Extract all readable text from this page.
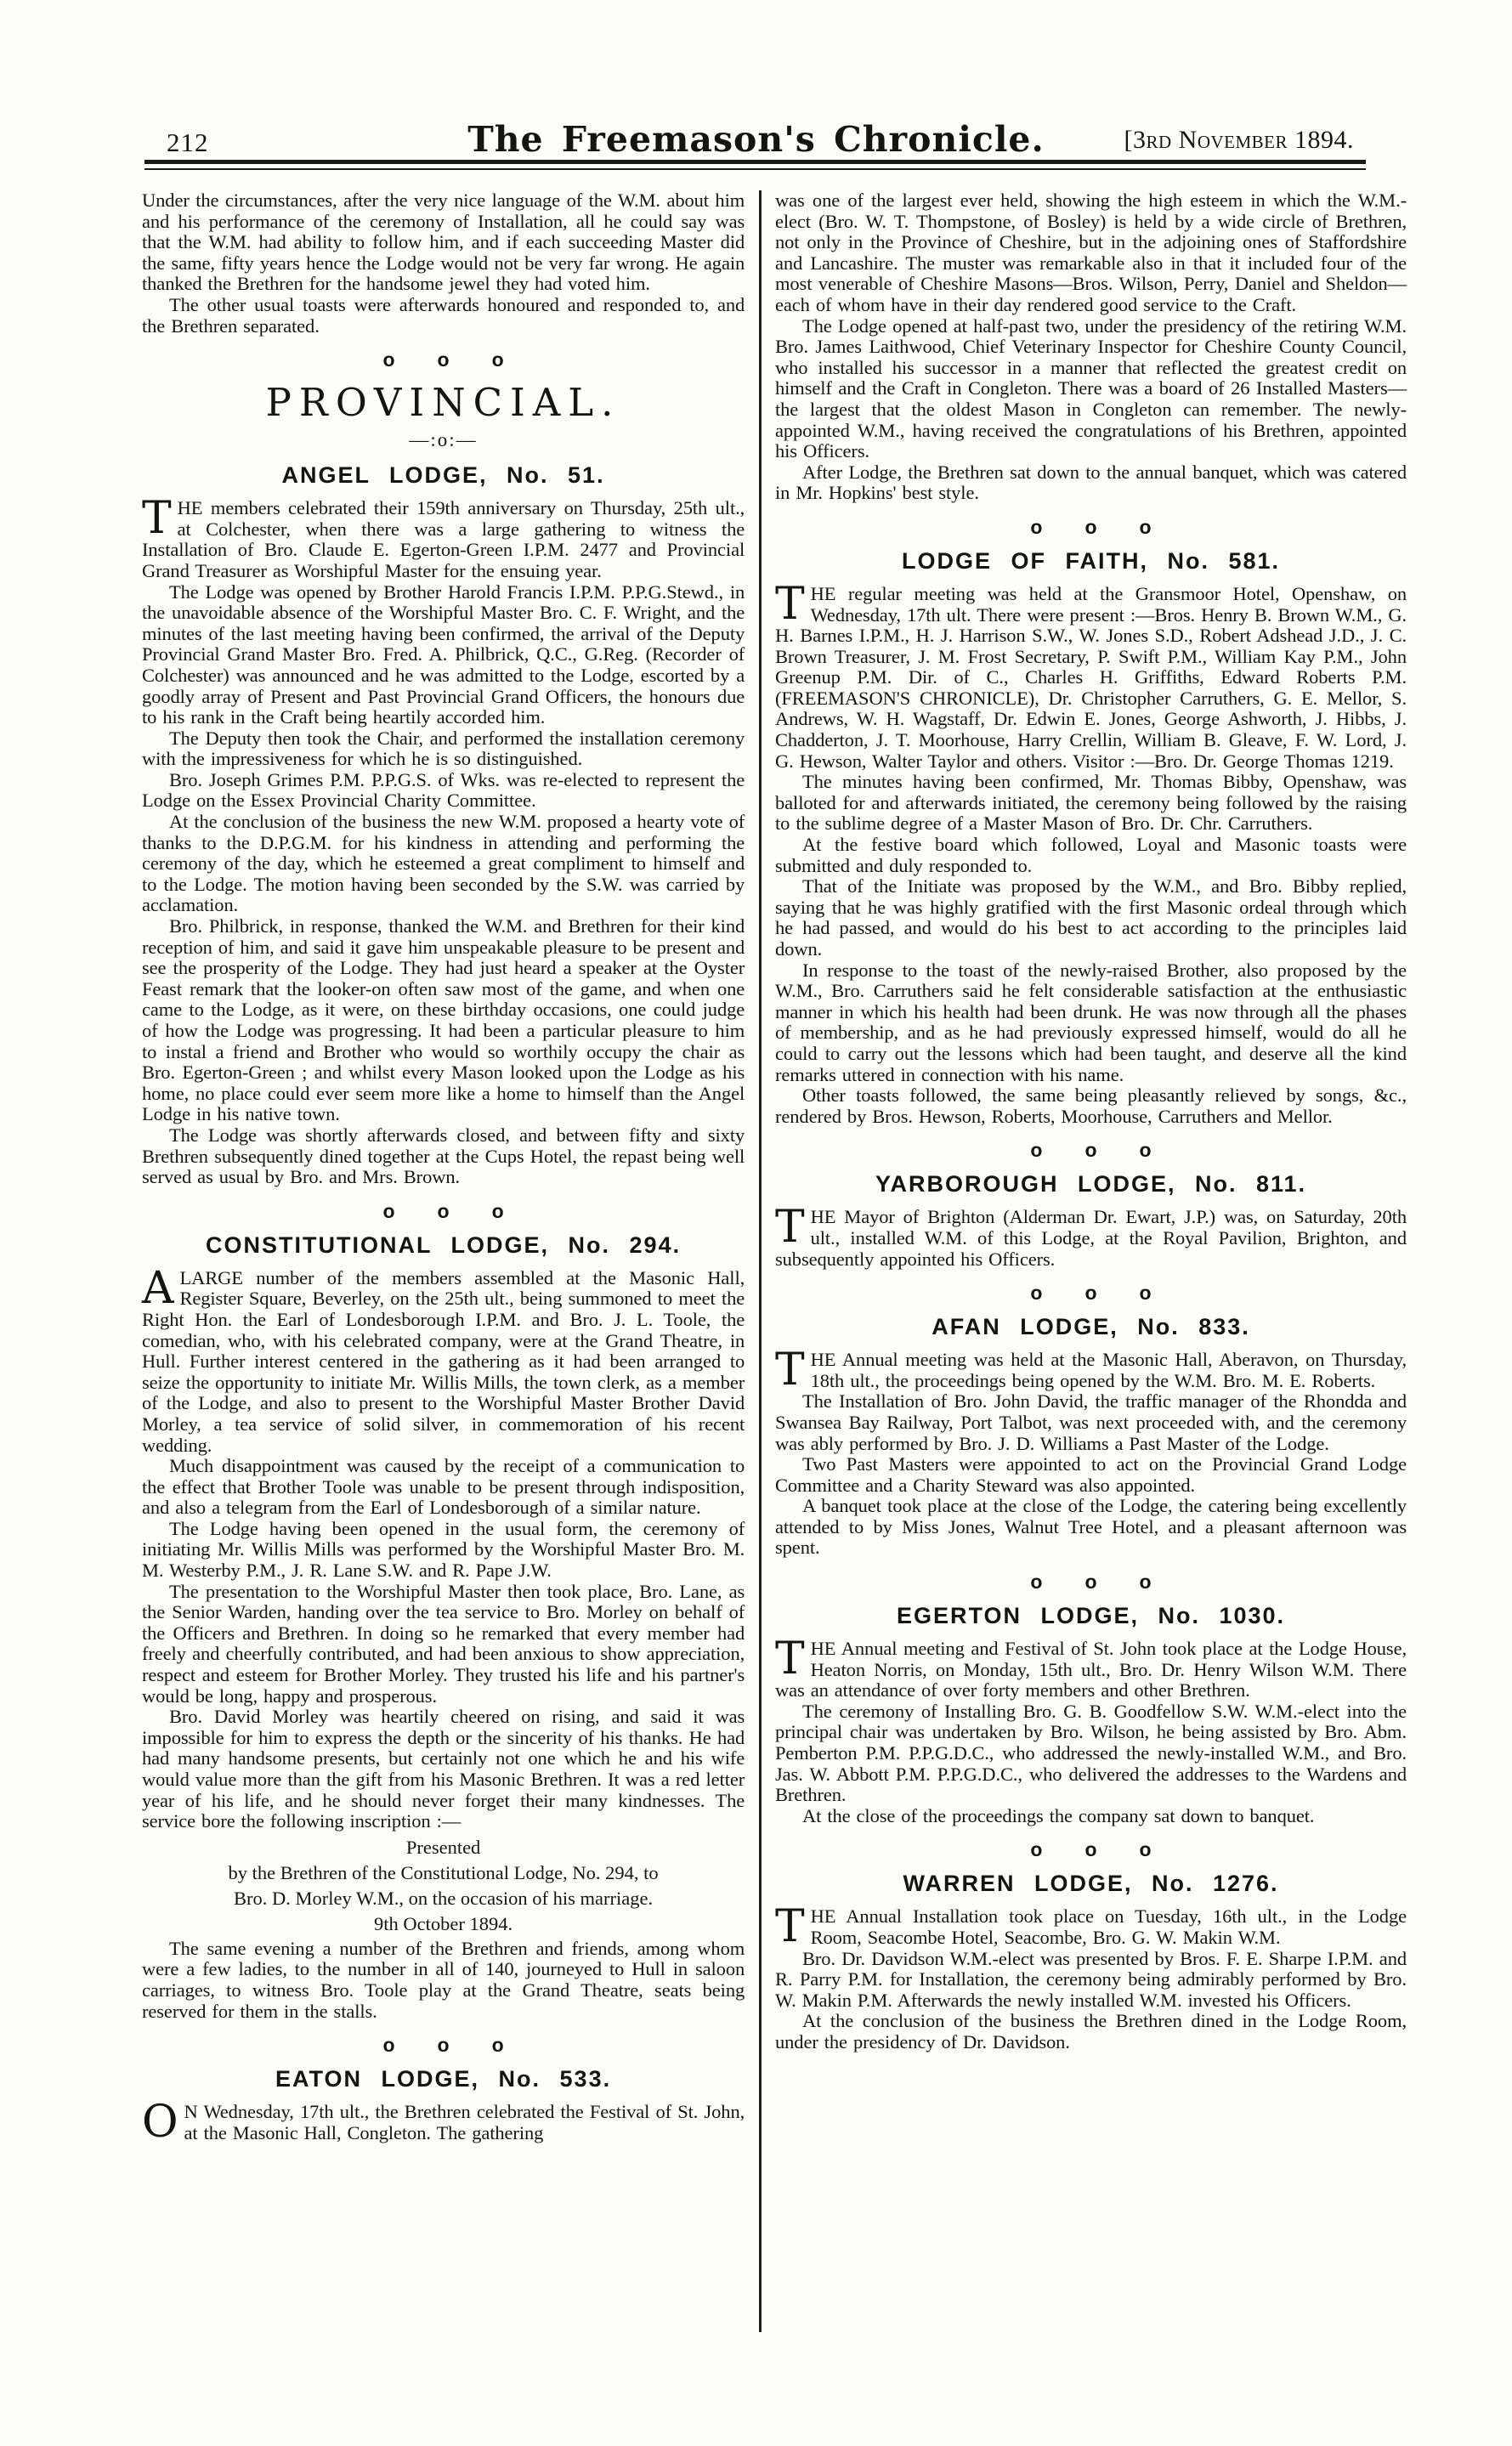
212	The Freemason's Chronicle.	[3rd November 1894.
Under the circumstances, after the very nice language of the W.M. about him and his performance of the ceremony of Installation, all he could say was that the W.M. had ability to follow him, and if each succeeding Master did the same, fifty years hence the Lodge would not be very far wrong. He again thanked the Brethren for the handsome jewel they had voted him.
The other usual toasts were afterwards honoured and responded to, and the Brethren separated.
o o o
PROVINCIAL.
—:o:—
ANGEL LODGE, No. 51.
THE members celebrated their 159th anniversary on Thursday, 25th ult., at Colchester, when there was a large gathering to witness the Installation of Bro. Claude E. Egerton-Green I.P.M. 2477 and Provincial Grand Treasurer as Worshipful Master for the ensuing year.
The Lodge was opened by Brother Harold Francis I.P.M. P.P.G.Stewd., in the unavoidable absence of the Worshipful Master Bro. C. F. Wright, and the minutes of the last meeting having been confirmed, the arrival of the Deputy Provincial Grand Master Bro. Fred. A. Philbrick, Q.C., G.Reg. (Recorder of Colchester) was announced and he was admitted to the Lodge, escorted by a goodly array of Present and Past Provincial Grand Officers, the honours due to his rank in the Craft being heartily accorded him.
The Deputy then took the Chair, and performed the installation ceremony with the impressiveness for which he is so distinguished.
Bro. Joseph Grimes P.M. P.P.G.S. of Wks. was re-elected to represent the Lodge on the Essex Provincial Charity Committee.
At the conclusion of the business the new W.M. proposed a hearty vote of thanks to the D.P.G.M. for his kindness in attending and performing the ceremony of the day, which he esteemed a great compliment to himself and to the Lodge. The motion having been seconded by the S.W. was carried by acclamation.
Bro. Philbrick, in response, thanked the W.M. and Brethren for their kind reception of him, and said it gave him unspeakable pleasure to be present and see the prosperity of the Lodge. They had just heard a speaker at the Oyster Feast remark that the looker-on often saw most of the game, and when one came to the Lodge, as it were, on these birthday occasions, one could judge of how the Lodge was progressing. It had been a particular pleasure to him to instal a friend and Brother who would so worthily occupy the chair as Bro. Egerton-Green ; and whilst every Mason looked upon the Lodge as his home, no place could ever seem more like a home to himself than the Angel Lodge in his native town.
The Lodge was shortly afterwards closed, and between fifty and sixty Brethren subsequently dined together at the Cups Hotel, the repast being well served as usual by Bro. and Mrs. Brown.
o o o
CONSTITUTIONAL LODGE, No. 294.
ALARGE number of the members assembled at the Masonic Hall, Register Square, Beverley, on the 25th ult., being summoned to meet the Right Hon. the Earl of Londesborough I.P.M. and Bro. J. L. Toole, the comedian, who, with his celebrated company, were at the Grand Theatre, in Hull. Further interest centered in the gathering as it had been arranged to seize the opportunity to initiate Mr. Willis Mills, the town clerk, as a member of the Lodge, and also to present to the Worshipful Master Brother David Morley, a tea service of solid silver, in commemoration of his recent wedding.
Much disappointment was caused by the receipt of a communication to the effect that Brother Toole was unable to be present through indisposition, and also a telegram from the Earl of Londesborough of a similar nature.
The Lodge having been opened in the usual form, the ceremony of initiating Mr. Willis Mills was performed by the Worshipful Master Bro. M. M. Westerby P.M., J. R. Lane S.W. and R. Pape J.W.
The presentation to the Worshipful Master then took place, Bro. Lane, as the Senior Warden, handing over the tea service to Bro. Morley on behalf of the Officers and Brethren. In doing so he remarked that every member had freely and cheerfully contributed, and had been anxious to show appreciation, respect and esteem for Brother Morley. They trusted his life and his partner's would be long, happy and prosperous.
Bro. David Morley was heartily cheered on rising, and said it was impossible for him to express the depth or the sincerity of his thanks. He had had many handsome presents, but certainly not one which he and his wife would value more than the gift from his Masonic Brethren. It was a red letter year of his life, and he should never forget their many kindnesses. The service bore the following inscription :—
Presented
by the Brethren of the Constitutional Lodge, No. 294, to
Bro. D. Morley W.M., on the occasion of his marriage.
9th October 1894.
The same evening a number of the Brethren and friends, among whom were a few ladies, to the number in all of 140, journeyed to Hull in saloon carriages, to witness Bro. Toole play at the Grand Theatre, seats being reserved for them in the stalls.
o o o
EATON LODGE, No. 533.
O N Wednesday, 17th ult., the Brethren celebrated the Festival of St. John, at the Masonic Hall, Congleton. The gathering
was one of the largest ever held, showing the high esteem in which the W.M.-elect (Bro. W. T. Thompstone, of Bosley) is held by a wide circle of Brethren, not only in the Province of Cheshire, but in the adjoining ones of Staffordshire and Lancashire. The muster was remarkable also in that it included four of the most venerable of Cheshire Masons—Bros. Wilson, Perry, Daniel and Sheldon—each of whom have in their day rendered good service to the Craft.
The Lodge opened at half-past two, under the presidency of the retiring W.M. Bro. James Laithwood, Chief Veterinary Inspector for Cheshire County Council, who installed his successor in a manner that reflected the greatest credit on himself and the Craft in Congleton. There was a board of 26 Installed Masters—the largest that the oldest Mason in Congleton can remember. The newly-appointed W.M., having received the congratulations of his Brethren, appointed his Officers.
After Lodge, the Brethren sat down to the annual banquet, which was catered in Mr. Hopkins' best style.
o o o
LODGE OF FAITH, No. 581.
THE regular meeting was held at the Gransmoor Hotel, Openshaw, on Wednesday, 17th ult. There were present :—Bros. Henry B. Brown W.M., G. H. Barnes I.P.M., H. J. Harrison S.W., W. Jones S.D., Robert Adshead J.D., J. C. Brown Treasurer, J. M. Frost Secretary, P. Swift P.M., William Kay P.M., John Greenup P.M. Dir. of C., Charles H. Griffiths, Edward Roberts P.M. (FREEMASON'S CHRONICLE), Dr. Christopher Carruthers, G. E. Mellor, S. Andrews, W. H. Wagstaff, Dr. Edwin E. Jones, George Ashworth, J. Hibbs, J. Chadderton, J. T. Moorhouse, Harry Crellin, William B. Gleave, F. W. Lord, J. G. Hewson, Walter Taylor and others. Visitor :—Bro. Dr. George Thomas 1219.
The minutes having been confirmed, Mr. Thomas Bibby, Openshaw, was balloted for and afterwards initiated, the ceremony being followed by the raising to the sublime degree of a Master Mason of Bro. Dr. Chr. Carruthers.
At the festive board which followed, Loyal and Masonic toasts were submitted and duly responded to.
That of the Initiate was proposed by the W.M., and Bro. Bibby replied, saying that he was highly gratified with the first Masonic ordeal through which he had passed, and would do his best to act according to the principles laid down.
In response to the toast of the newly-raised Brother, also proposed by the W.M., Bro. Carruthers said he felt considerable satisfaction at the enthusiastic manner in which his health had been drunk. He was now through all the phases of membership, and as he had previously expressed himself, would do all he could to carry out the lessons which had been taught, and deserve all the kind remarks uttered in connection with his name.
Other toasts followed, the same being pleasantly relieved by songs, &c., rendered by Bros. Hewson, Roberts, Moorhouse, Carruthers and Mellor.
o o o
YARBOROUGH LODGE, No. 811.
THE Mayor of Brighton (Alderman Dr. Ewart, J.P.) was, on Saturday, 20th ult., installed W.M. of this Lodge, at the Royal Pavilion, Brighton, and subsequently appointed his Officers.
o o o
AFAN LODGE, No. 833.
THE Annual meeting was held at the Masonic Hall, Aberavon, on Thursday, 18th ult., the proceedings being opened by the W.M. Bro. M. E. Roberts.
The Installation of Bro. John David, the traffic manager of the Rhondda and Swansea Bay Railway, Port Talbot, was next proceeded with, and the ceremony was ably performed by Bro. J. D. Williams a Past Master of the Lodge.
Two Past Masters were appointed to act on the Provincial Grand Lodge Committee and a Charity Steward was also appointed.
A banquet took place at the close of the Lodge, the catering being excellently attended to by Miss Jones, Walnut Tree Hotel, and a pleasant afternoon was spent.
o o o
EGERTON LODGE, No. 1030.
THE Annual meeting and Festival of St. John took place at the Lodge House, Heaton Norris, on Monday, 15th ult., Bro. Dr. Henry Wilson W.M. There was an attendance of over forty members and other Brethren.
The ceremony of Installing Bro. G. B. Goodfellow S.W. W.M.-elect into the principal chair was undertaken by Bro. Wilson, he being assisted by Bro. Abm. Pemberton P.M. P.P.G.D.C., who addressed the newly-installed W.M., and Bro. Jas. W. Abbott P.M. P.P.G.D.C., who delivered the addresses to the Wardens and Brethren.
At the close of the proceedings the company sat down to banquet.
o o o
WARREN LODGE, No. 1276.
THE Annual Installation took place on Tuesday, 16th ult., in the Lodge Room, Seacombe Hotel, Seacombe, Bro. G. W. Makin W.M.
Bro. Dr. Davidson W.M.-elect was presented by Bros. F. E. Sharpe I.P.M. and R. Parry P.M. for Installation, the ceremony being admirably performed by Bro. W. Makin P.M. Afterwards the newly installed W.M. invested his Officers.
At the conclusion of the business the Brethren dined in the Lodge Room, under the presidency of Dr. Davidson.
